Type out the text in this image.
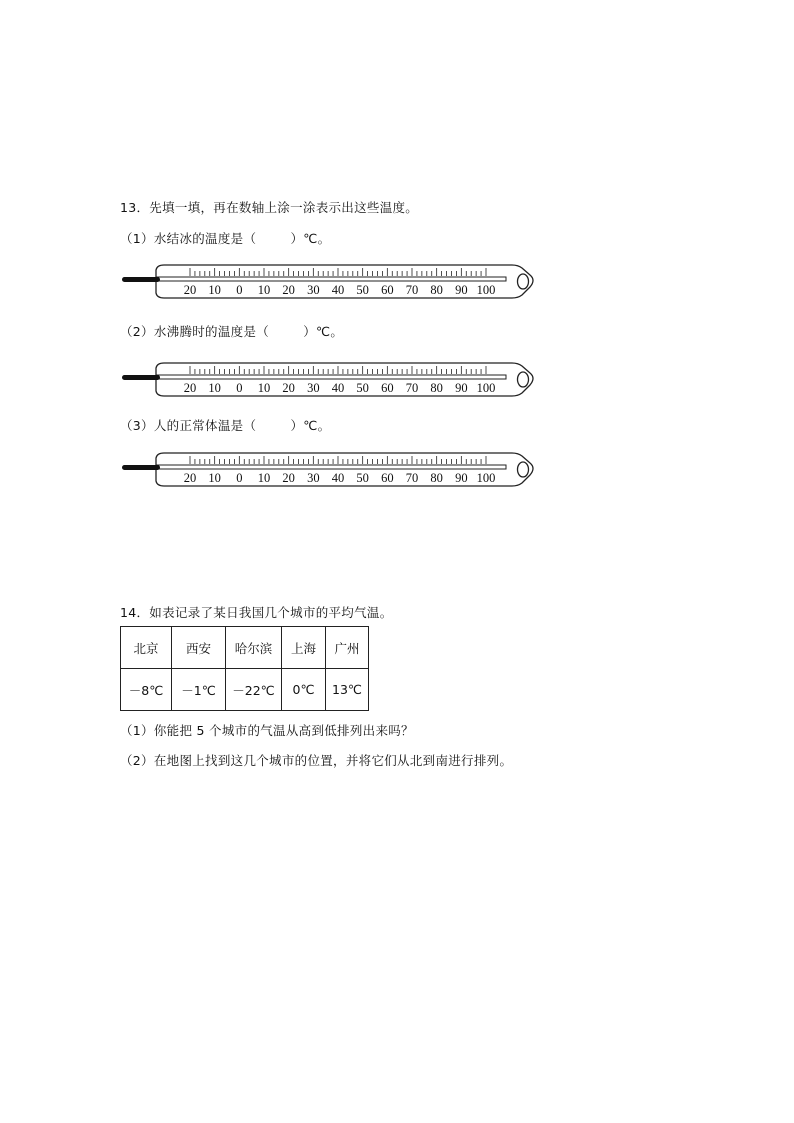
13．先填一填，再在数轴上涂一涂表示出这些温度。
（1）水结冰的温度是（        ）℃。
20 10 0 10 20 30 40 50 60 70 80 90 100
（2）水沸腾时的温度是（        ）℃。
20 10 0 10 20 30 40 50 60 70 80 90 100
（3）人的正常体温是（        ）℃。
20 10 0 10 20 30 40 50 60 70 80 90 100
14．如表记录了某日我国几个城市的平均气温。
北京	西安	哈尔滨	上海	广州
－8℃	－1℃	－22℃	0℃	13℃
（1）你能把 5 个城市的气温从高到低排列出来吗？
（2）在地图上找到这几个城市的位置，并将它们从北到南进行排列。
